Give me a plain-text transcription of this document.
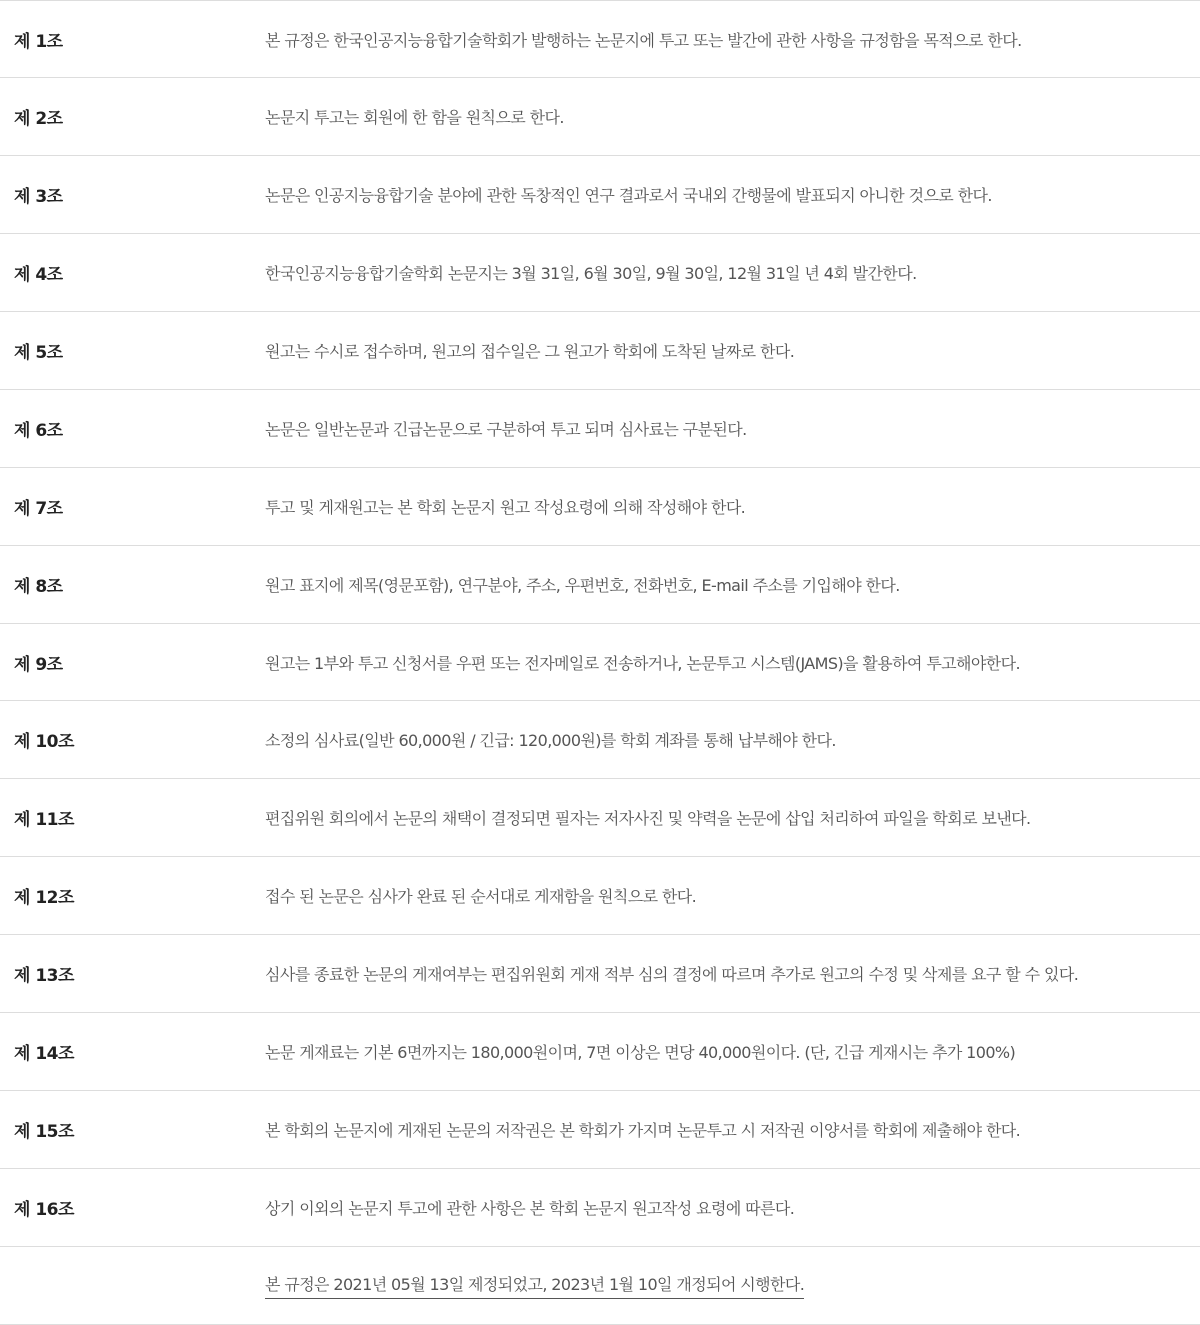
제 1조	본 규정은 한국인공지능융합기술학회가 발행하는 논문지에 투고 또는 발간에 관한 사항을 규정함을 목적으로 한다.
제 2조	논문지 투고는 회원에 한 함을 원칙으로 한다.
제 3조	논문은 인공지능융합기술 분야에 관한 독창적인 연구 결과로서 국내외 간행물에 발표되지 아니한 것으로 한다.
제 4조	한국인공지능융합기술학회 논문지는 3월 31일, 6월 30일, 9월 30일, 12월 31일 년 4회 발간한다.
제 5조	원고는 수시로 접수하며, 원고의 접수일은 그 원고가 학회에 도착된 날짜로 한다.
제 6조	논문은 일반논문과 긴급논문으로 구분하여 투고 되며 심사료는 구분된다.
제 7조	투고 및 게재원고는 본 학회 논문지 원고 작성요령에 의해 작성해야 한다.
제 8조	원고 표지에 제목(영문포함), 연구분야, 주소, 우편번호, 전화번호, E-mail 주소를 기입해야 한다.
제 9조	원고는 1부와 투고 신청서를 우편 또는 전자메일로 전송하거나, 논문투고 시스템(JAMS)을 활용하여 투고해야한다.
제 10조	소정의 심사료(일반 60,000원 / 긴급: 120,000원)를 학회 계좌를 통해 납부해야 한다.
제 11조	편집위원 회의에서 논문의 채택이 결정되면 필자는 저자사진 및 약력을 논문에 삽입 처리하여 파일을 학회로 보낸다.
제 12조	접수 된 논문은 심사가 완료 된 순서대로 게재함을 원칙으로 한다.
제 13조	심사를 종료한 논문의 게재여부는 편집위원회 게재 적부 심의 결정에 따르며 추가로 원고의 수정 및 삭제를 요구 할 수 있다.
제 14조	논문 게재료는 기본 6면까지는 180,000원이며, 7면 이상은 면당 40,000원이다. (단, 긴급 게재시는 추가 100%)
제 15조	본 학회의 논문지에 게재된 논문의 저작권은 본 학회가 가지며 논문투고 시 저작권 이양서를 학회에 제출해야 한다.
제 16조	상기 이외의 논문지 투고에 관한 사항은 본 학회 논문지 원고작성 요령에 따른다.
본 규정은 2021년 05월 13일 제정되었고, 2023년 1월 10일 개정되어 시행한다.
